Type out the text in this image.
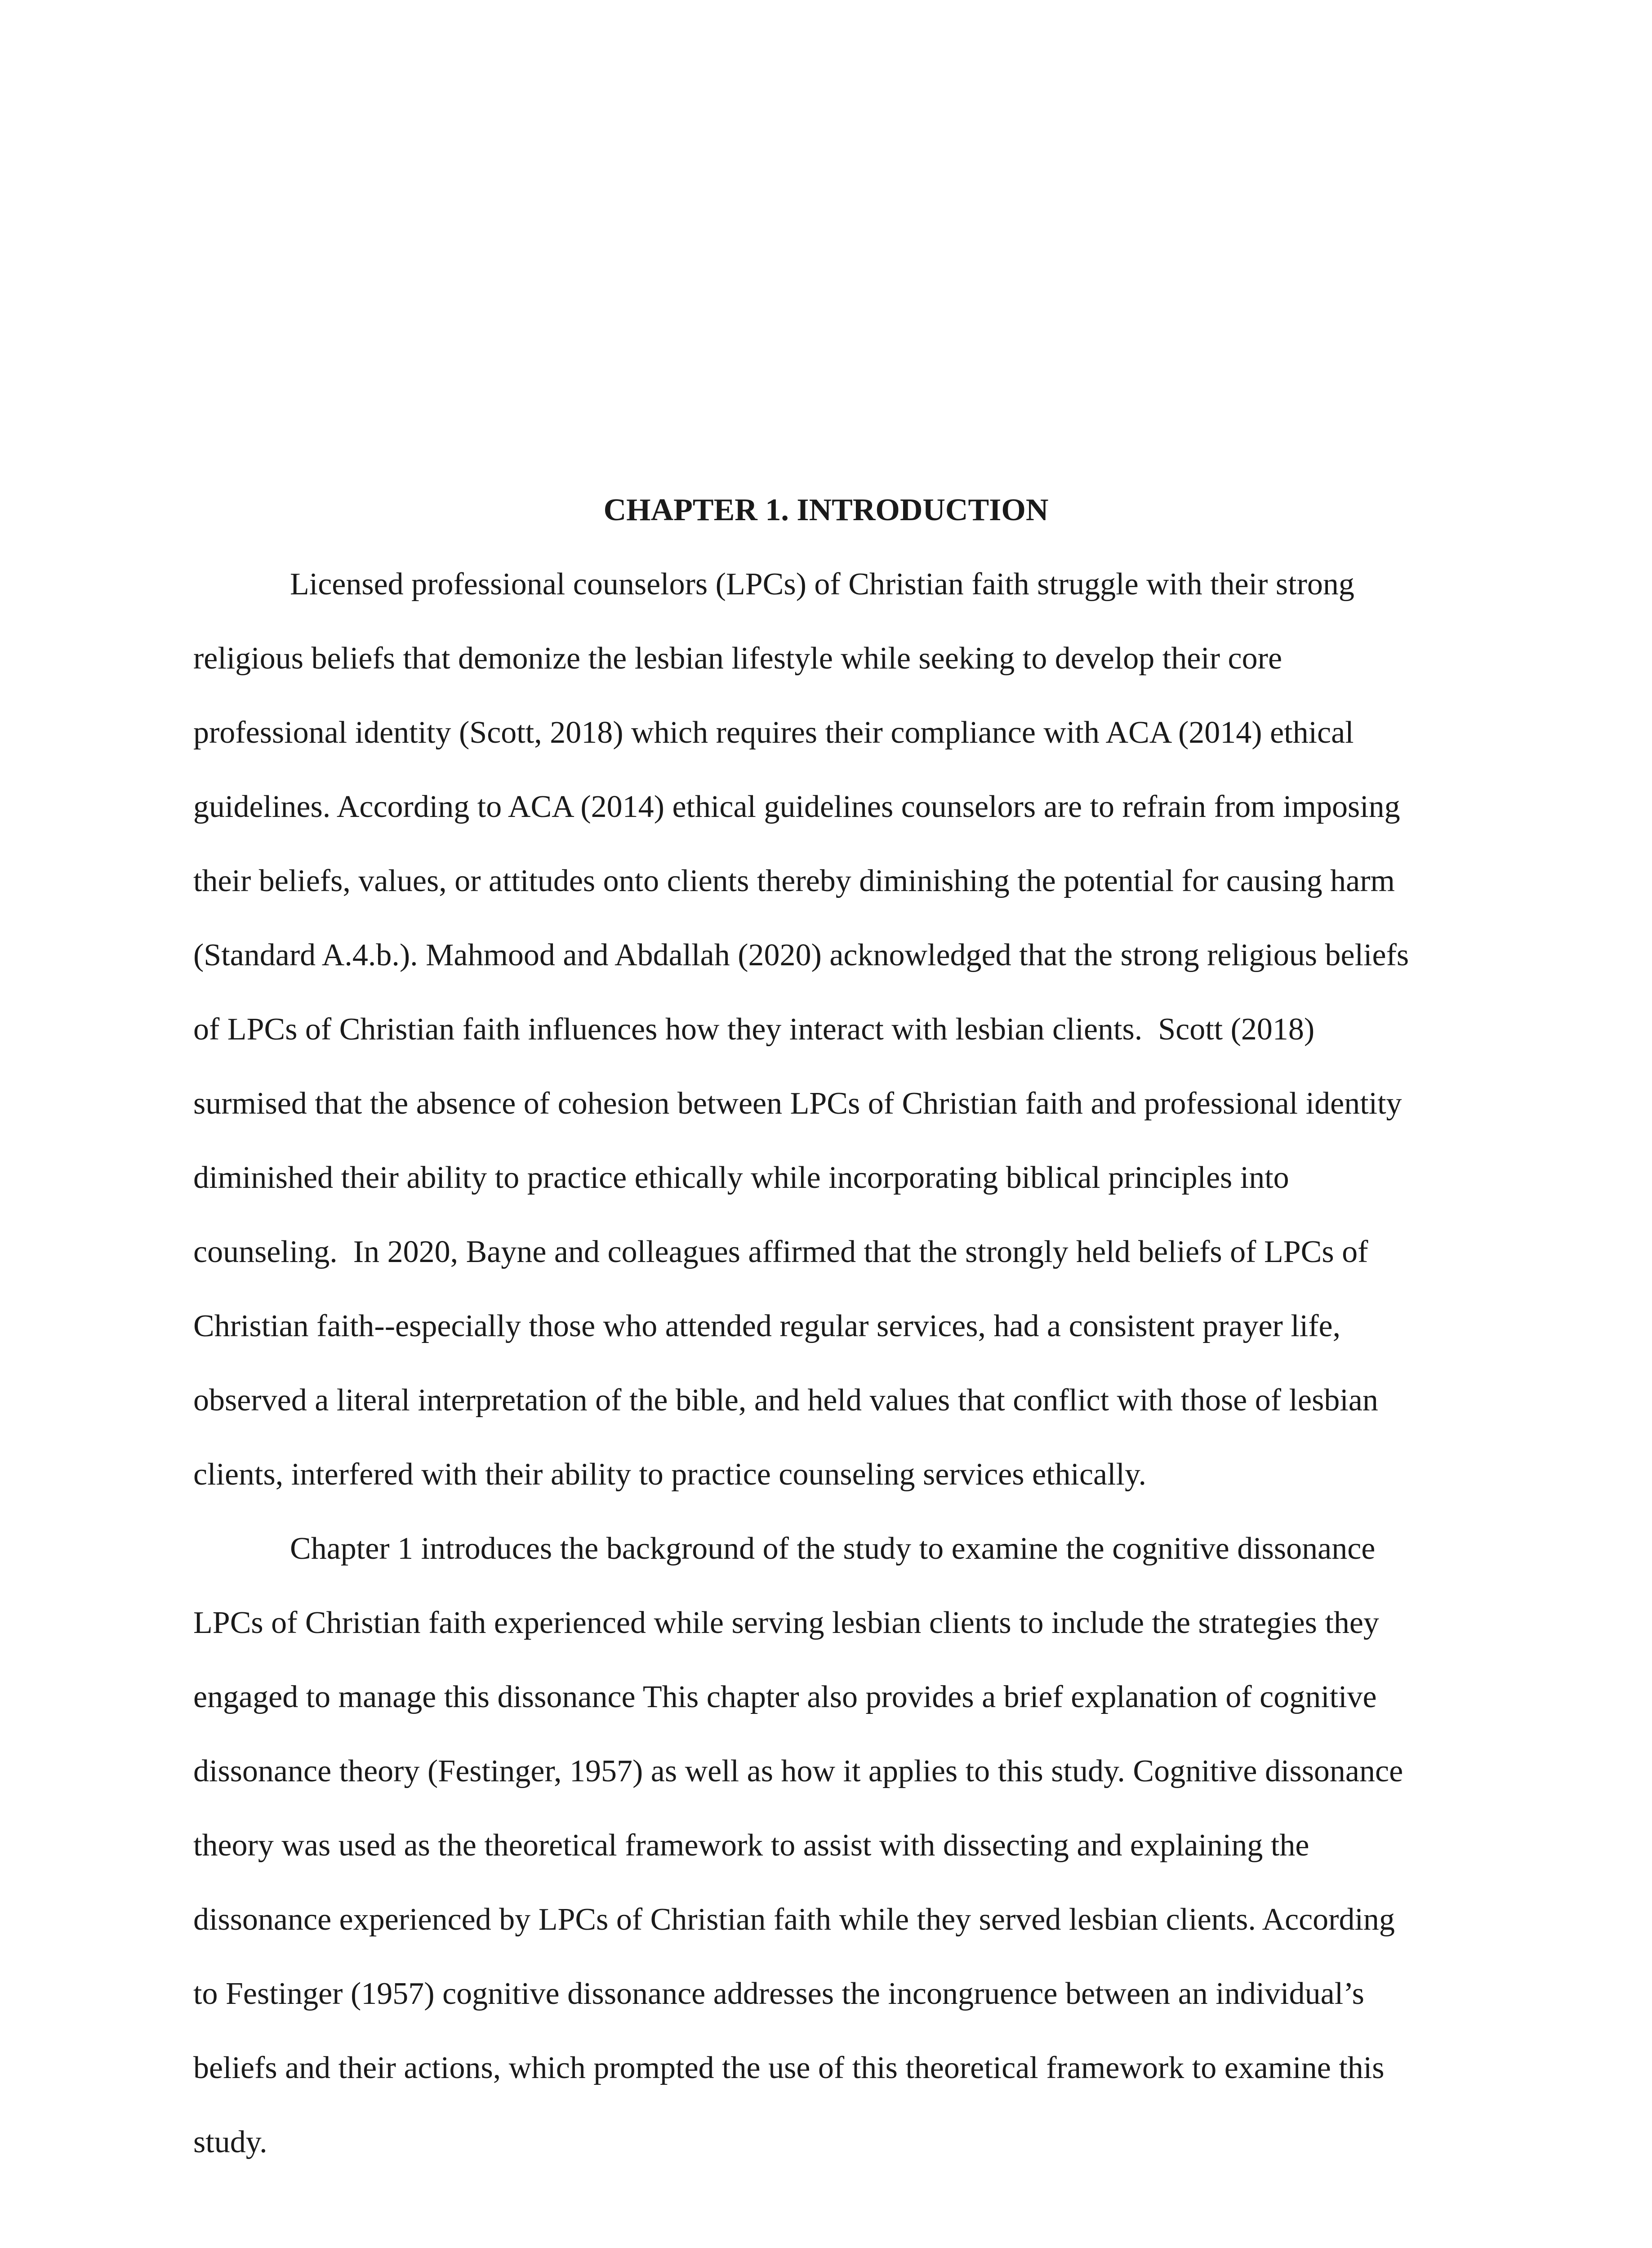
CHAPTER 1. INTRODUCTION

Licensed professional counselors (LPCs) of Christian faith struggle with their strong

religious beliefs that demonize the lesbian lifestyle while seeking to develop their core

professional identity (Scott, 2018) which requires their compliance with ACA (2014) ethical

guidelines. According to ACA (2014) ethical guidelines counselors are to refrain from imposing

their beliefs, values, or attitudes onto clients thereby diminishing the potential for causing harm

(Standard A.4.b.). Mahmood and Abdallah (2020) acknowledged that the strong religious beliefs

of LPCs of Christian faith influences how they interact with lesbian clients.  Scott (2018)

surmised that the absence of cohesion between LPCs of Christian faith and professional identity

diminished their ability to practice ethically while incorporating biblical principles into

counseling.  In 2020, Bayne and colleagues affirmed that the strongly held beliefs of LPCs of

Christian faith--especially those who attended regular services, had a consistent prayer life,

observed a literal interpretation of the bible, and held values that conflict with those of lesbian

clients, interfered with their ability to practice counseling services ethically.

Chapter 1 introduces the background of the study to examine the cognitive dissonance

LPCs of Christian faith experienced while serving lesbian clients to include the strategies they

engaged to manage this dissonance This chapter also provides a brief explanation of cognitive

dissonance theory (Festinger, 1957) as well as how it applies to this study. Cognitive dissonance

theory was used as the theoretical framework to assist with dissecting and explaining the

dissonance experienced by LPCs of Christian faith while they served lesbian clients. According

to Festinger (1957) cognitive dissonance addresses the incongruence between an individual’s

beliefs and their actions, which prompted the use of this theoretical framework to examine this

study.
